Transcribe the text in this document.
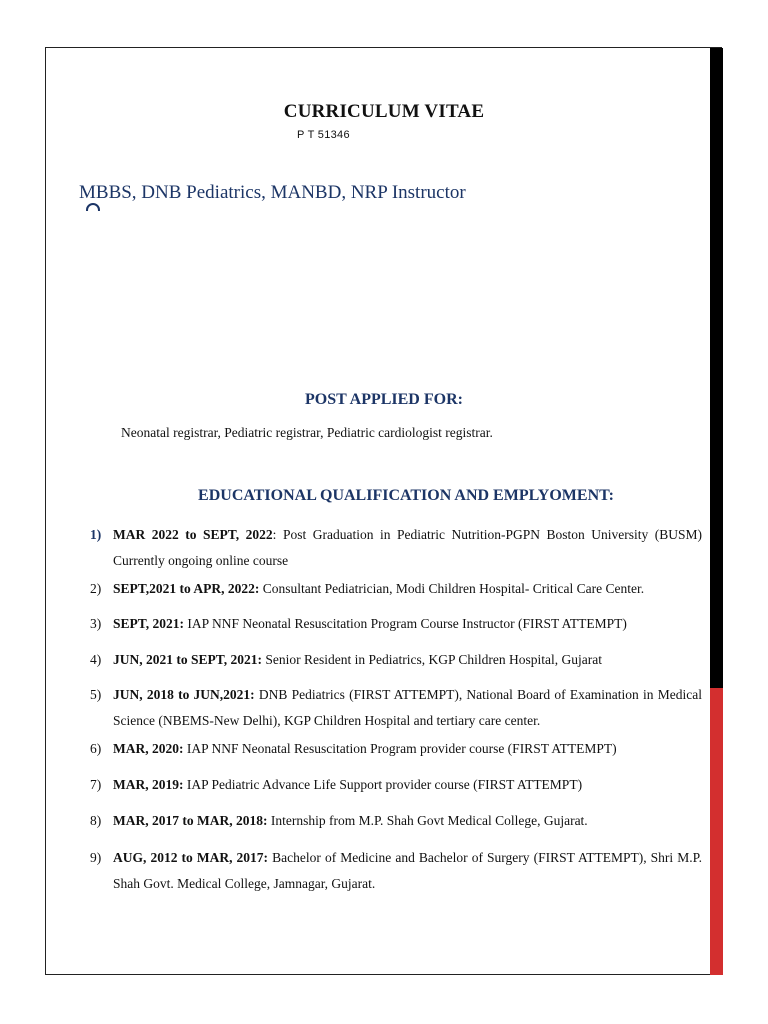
CURRICULUM VITAE
P T 51346
MBBS, DNB Pediatrics, MANBD, NRP Instructor
POST APPLIED FOR:
Neonatal registrar, Pediatric registrar, Pediatric cardiologist registrar.
EDUCATIONAL QUALIFICATION AND EMPLYOMENT:
1) MAR 2022 to SEPT, 2022: Post Graduation in Pediatric Nutrition-PGPN Boston University (BUSM) Currently ongoing online course
2) SEPT,2021 to APR, 2022: Consultant Pediatrician, Modi Children Hospital- Critical Care Center.
3) SEPT, 2021: IAP NNF Neonatal Resuscitation Program Course Instructor (FIRST ATTEMPT)
4) JUN, 2021 to SEPT, 2021: Senior Resident in Pediatrics, KGP Children Hospital, Gujarat
5) JUN, 2018 to JUN,2021: DNB Pediatrics (FIRST ATTEMPT), National Board of Examination in Medical Science (NBEMS-New Delhi), KGP Children Hospital and tertiary care center.
6) MAR, 2020: IAP NNF Neonatal Resuscitation Program provider course (FIRST ATTEMPT)
7) MAR, 2019: IAP Pediatric Advance Life Support provider course (FIRST ATTEMPT)
8) MAR, 2017 to MAR, 2018: Internship from M.P. Shah Govt Medical College, Gujarat.
9) AUG, 2012 to MAR, 2017: Bachelor of Medicine and Bachelor of Surgery (FIRST ATTEMPT), Shri M.P. Shah Govt. Medical College, Jamnagar, Gujarat.
